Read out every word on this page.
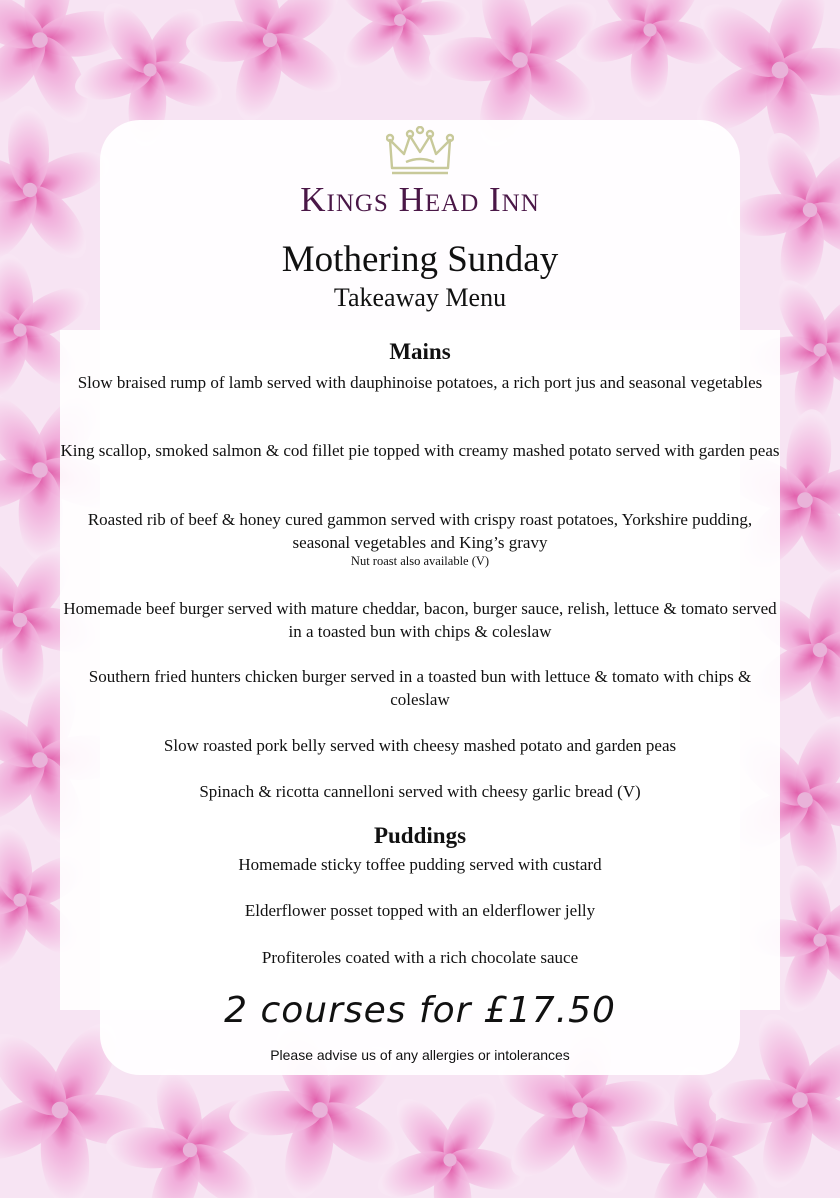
Kings Head Inn
Mothering Sunday
Takeaway Menu
Mains
Slow braised rump of lamb served with dauphinoise potatoes, a rich port jus and seasonal vegetables
King scallop, smoked salmon & cod fillet pie topped with creamy mashed potato served with garden peas
Roasted rib of beef & honey cured gammon served with crispy roast potatoes, Yorkshire pudding, seasonal vegetables and King’s gravy
Nut roast also available (V)
Homemade beef burger served with mature cheddar, bacon, burger sauce, relish, lettuce & tomato served in a toasted bun with chips & coleslaw
Southern fried hunters chicken burger served in a toasted bun with lettuce & tomato with chips & coleslaw
Slow roasted pork belly served with cheesy mashed potato and garden peas
Spinach & ricotta cannelloni served with cheesy garlic bread (V)
Puddings
Homemade sticky toffee pudding served with custard
Elderflower posset topped with an elderflower jelly
Profiteroles coated with a rich chocolate sauce
2 courses for £17.50
Please advise us of any allergies or intolerances
